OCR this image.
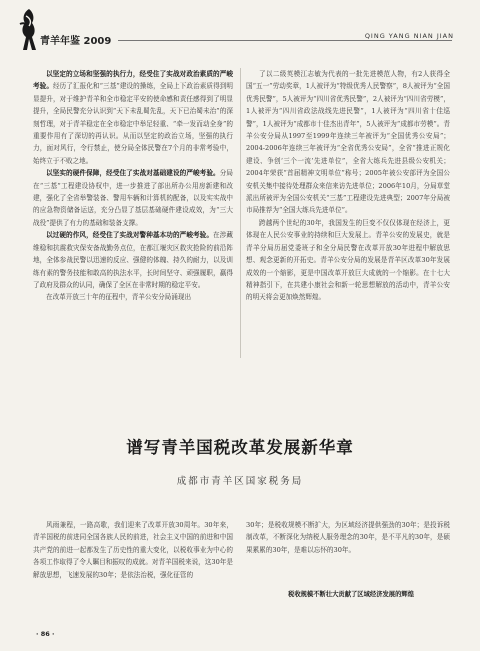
青羊年鉴 2009	QING YANG NIAN JIAN

以坚定的立场和坚强的执行力，经受住了实战对政治素质的严峻考验。经历了汇报化和“三基”建设的操练，全局上下政治素质得到明显提升，对于维护青羊和全市稳定平安的使命感和责任感得到了明显提升，全局民警充分认识到“天下未乱蜀先乱，天下已治蜀未治”的深刻哲理，对于青羊稳定在全市稳定中举足轻重、“牵一发而动全身”的重要作用有了深切的再认识。从而以坚定的政治立场，坚强的执行力，面对风行，令行禁止，使分局全体民警在7个月的非常考验中，始终立于不败之地。

以坚实的硬件保障，经受住了实战对基础建设的严峻考验。分局在“三基”工程建设协权中，进一步推进了部出所办公用房新建和改建，强化了全省举警装备、警用车辆和计算机的配备，以及实实战中的应急物资储备运送，充分凸显了基层基础硬件建设成效，为“三大战役”提供了有力的基础和装备支撑。

以过硬的作风，经受住了实战对警种基本功的严峻考验。在涉藏维稳和抗震救灾保安备战勤务点位，在都江堰灾区救灾抢险的前沿阵地，全体参战民警以迅速的反应、强健的体魄、持久的耐力，以及训练有素的警务技能和敢高的执法水平，长时间坚守、顽强履职，赢得了政府及群众的认同，确保了全区在非常时期的稳定平安。

在改革开放三十年的征程中，青羊公安分局涌现出

了以二级英模江志敏为代表的一批先进模范人物，有2人获得全国“五一”劳动奖章，1人被评为“特级优秀人民警察”，8人被评为“全国优秀民警”，5人被评为“四川省优秀民警”，2人被评为“四川省劳模”，1人被评为“四川省政法战线先进民警”，1人被评为“四川省十佳巡警”，1人被评为“成都市十佳杰出青年”，5人被评为“成都市劳模”。青羊公安分局从1997至1999年连续三年被评为“全国优秀公安局”；2004-2006年连续三年被评为“全省优秀公安局”，全省“推进正规化建设、争创‘三个一流’先进单位”，全省大练兵先进县级公安机关；2004年荣获“首届精神文明单位”称号；2005年被公安部评为全国公安机关集中接待处理群众来信来访先进单位；2006年10月，分局草堂派出所被评为全国公安机关“三基”工程建设先进典型；2007年分局被市局推荐为“全国大练兵先进单位”。

跨越两个世纪的30年，我国发生的巨变不仅仅体现在经济上，更体现在人民公安事业的持续和巨大发展上。青羊公安的发展史，就是青羊分局历届党委班子和全分局民警在改革开放30年进程中解放思想、观念更新的开拓史。青羊公安分局的发展是青羊区改革30年发展成效的一个缩影，更是中国改革开放巨大成就的一个缩影。在十七大精神指引下，在共建小康社会和新一轮思想解放的活动中，青羊公安的明天将会更加焕然辉煌。

谱写青羊国税改革发展新华章
成都市青羊区国家税务局

风雨兼程，一路高歌，我们迎来了改革开放30周年。30年来，青羊国税的前进同全国各族人民的前进，社会主义中国的前进和中国共产党的前进一起都发生了历史性的重大变化，以税收事业为中心的各项工作取得了令人瞩目和振叹的成就。对青羊国税来说，这30年是解放思想，飞速发展的30年；是依法治税，强化征管的

30年；是税收规模不断扩大，为区域经济提供强劲的30年；是投诉税制改革，不断深化为纳税人服务理念的30年，是不平凡的30年，是硕果累累的30年，是难以忘怀的30年。

税收规模不断壮大贡献了区域经济发展的辉煌
· 86 ·
